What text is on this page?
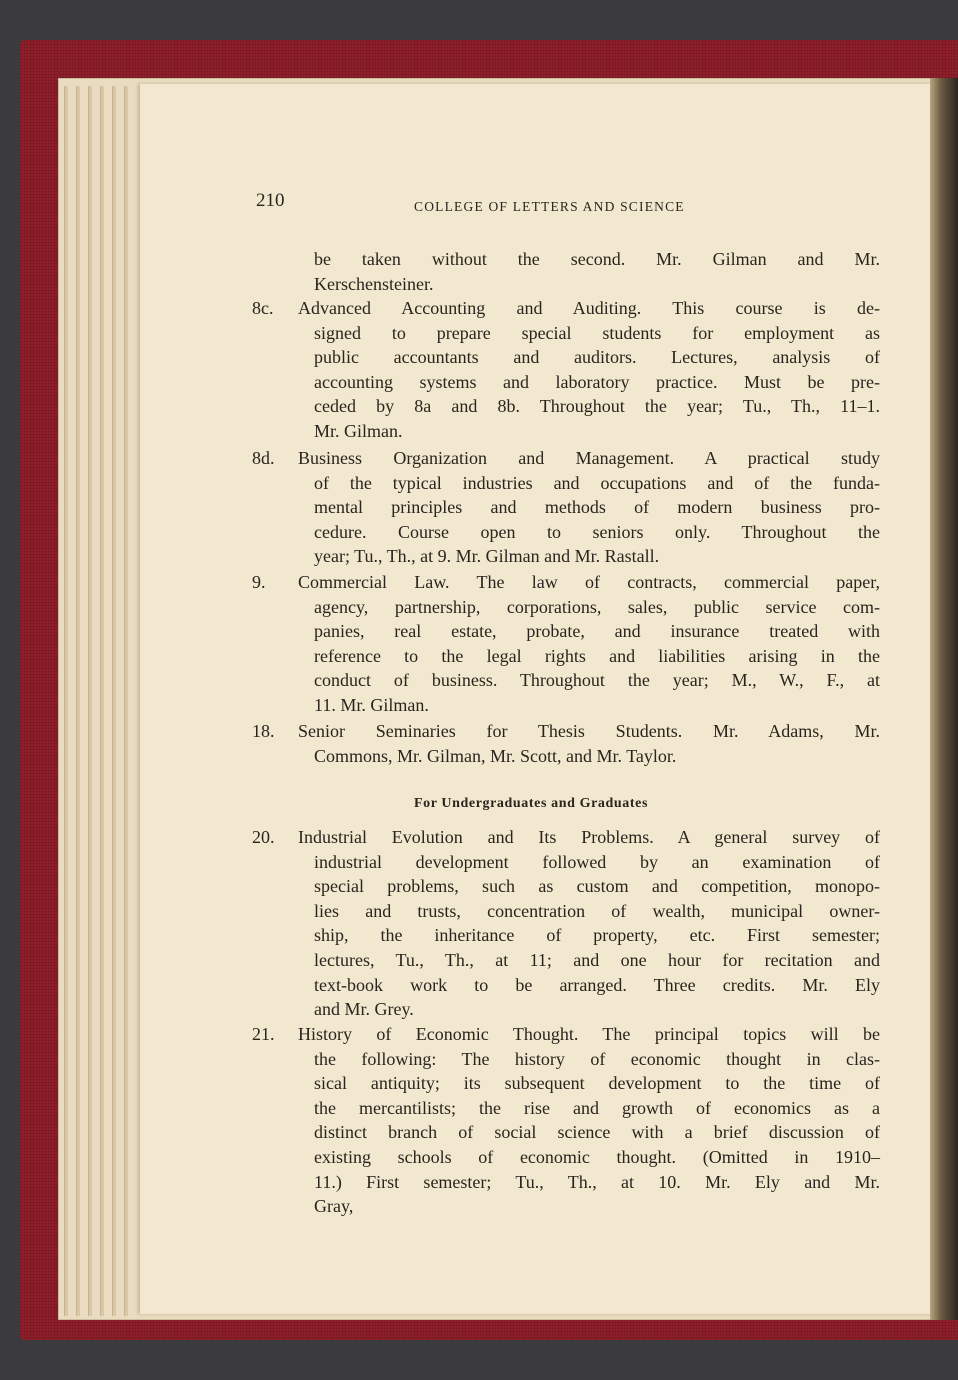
210	COLLEGE OF LETTERS AND SCIENCE
be taken without the second. Mr. Gilman and Mr.
Kerschensteiner.
8c. Advanced Accounting and Auditing. This course is de-
signed to prepare special students for employment as
public accountants and auditors. Lectures, analysis of
accounting systems and laboratory practice. Must be pre-
ceded by 8a and 8b. Throughout the year; Tu., Th., 11–1.
Mr. Gilman.
8d. Business Organization and Management. A practical study
of the typical industries and occupations and of the funda-
mental principles and methods of modern business pro-
cedure. Course open to seniors only. Throughout the
year; Tu., Th., at 9. Mr. Gilman and Mr. Rastall.
9. Commercial Law. The law of contracts, commercial paper,
agency, partnership, corporations, sales, public service com-
panies, real estate, probate, and insurance treated with
reference to the legal rights and liabilities arising in the
conduct of business. Throughout the year; M., W., F., at
11. Mr. Gilman.
18. Senior Seminaries for Thesis Students. Mr. Adams, Mr.
Commons, Mr. Gilman, Mr. Scott, and Mr. Taylor.
20. Industrial Evolution and Its Problems. A general survey of
industrial development followed by an examination of
special problems, such as custom and competition, monopo-
lies and trusts, concentration of wealth, municipal owner-
ship, the inheritance of property, etc. First semester;
lectures, Tu., Th., at 11; and one hour for recitation and
text-book work to be arranged. Three credits. Mr. Ely
and Mr. Grey.
21. History of Economic Thought. The principal topics will be
the following: The history of economic thought in clas-
sical antiquity; its subsequent development to the time of
the mercantilists; the rise and growth of economics as a
distinct branch of social science with a brief discussion of
existing schools of economic thought. (Omitted in 1910–
11.) First semester; Tu., Th., at 10. Mr. Ely and Mr.
Gray,
For Undergraduates and Graduates
